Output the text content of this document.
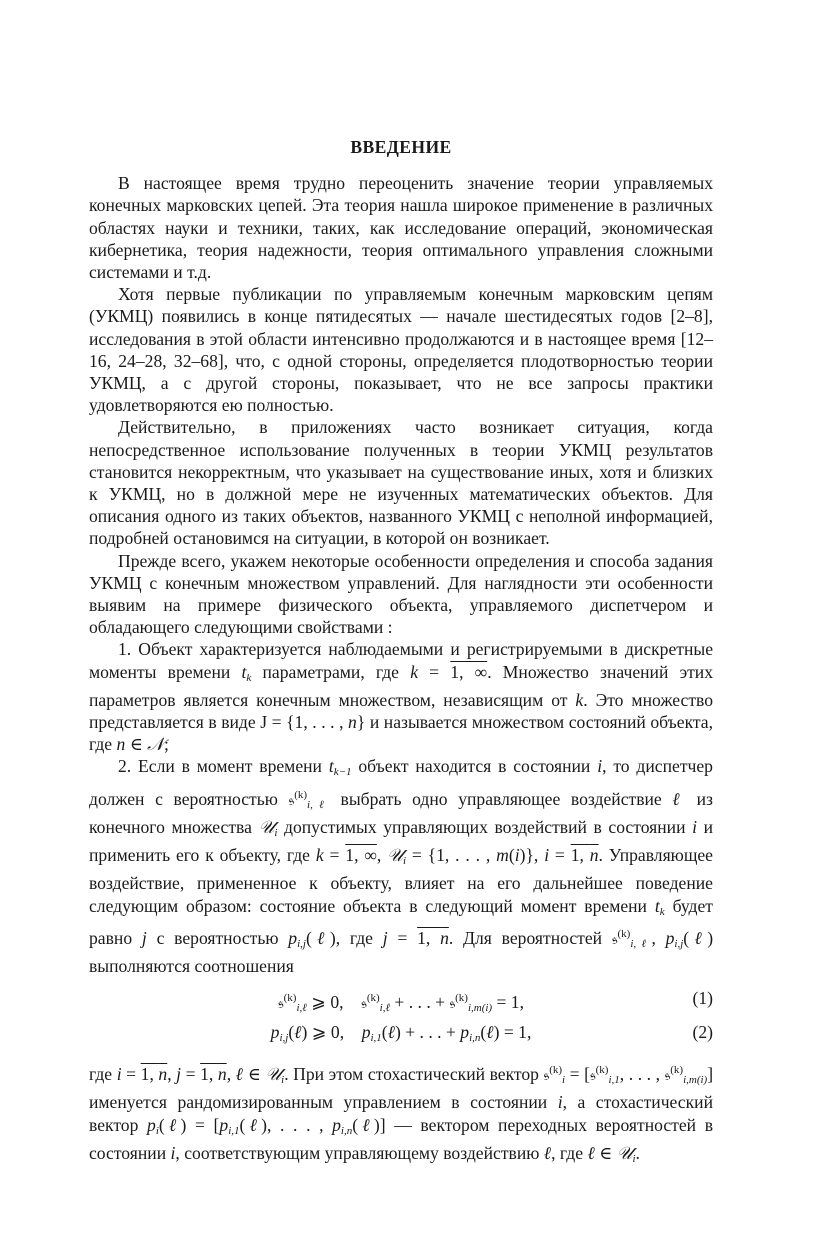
ВВЕДЕНИЕ

В настоящее время трудно переоценить значение теории управляемых конечных марковских цепей. Эта теория нашла широкое применение в различных областях науки и техники, таких, как исследование операций, экономическая кибернетика, теория надежности, теория оптимального управления сложными системами и т.д.

Хотя первые публикации по управляемым конечным марковским цепям (УКМЦ) появились в конце пятидесятых — начале шестидесятых годов [2–8], исследования в этой области интенсивно продолжаются и в настоящее время [12–16, 24–28, 32–68], что, с одной стороны, определяется плодотворностью теории УКМЦ, а с другой стороны, показывает, что не все запросы практики удовлетворяются ею полностью.

Действительно, в приложениях часто возникает ситуация, когда непосредственное использование полученных в теории УКМЦ результатов становится некорректным, что указывает на существование иных, хотя и близких к УКМЦ, но в должной мере не изученных математических объектов. Для описания одного из таких объектов, названного УКМЦ с неполной информацией, подробней остановимся на ситуации, в которой он возникает.

Прежде всего, укажем некоторые особенности определения и способа задания УКМЦ с конечным множеством управлений. Для наглядности эти особенности выявим на примере физического объекта, управляемого диспетчером и обладающего следующими свойствами :

1. Объект характеризуется наблюдаемыми и регистрируемыми в дискретные моменты времени $t_k$ параметрами, где k = 1, ∞. Множество значений этих параметров является конечным множеством, независящим от k. Это множество представляется в виде J = {1, . . . , n} и называется множеством состояний объекта, где n ∈ 𝒩;

2. Если в момент времени $t_{k-1}$ объект находится в состоянии i, то диспетчер должен с вероятностью 𝔰$^{(k)}_{i,\ell}$ выбрать одно управляющее воздействие ℓ из конечного множества 𝒰$_i$ допустимых управляющих воздействий в состоянии i и применить его к объекту, где k = 1, ∞, 𝒰$_i$ = {1, . . . , m(i)}, i = 1, n. Управляющее воздействие, примененное к объекту, влияет на его дальнейшее поведение следующим образом: состояние объекта в следующий момент времени $t_k$ будет равно j с вероятностью $p_{i,j}(\ell)$, где j = 1, n. Для вероятностей 𝔰$^{(k)}_{i,\ell}$, $p_{i,j}(\ell)$ выполняются соотношения

𝔰$^{(k)}_{i,\ell}$ ⩾ 0,    𝔰$^{(k)}_{i,\ell}$ + . . . + 𝔰$^{(k)}_{i,m(i)}$ = 1,	(1)
$p_{i,j}(\ell)$ ⩾ 0,    $p_{i,1}(\ell)$ + . . . + $p_{i,n}(\ell) = 1$,	(2)

где i = 1, n, j = 1, n, ℓ ∈ 𝒰$_i$. При этом стохастический вектор 𝔰$^{(k)}_i$ = [𝔰$^{(k)}_{i,1}$, . . . , 𝔰$^{(k)}_{i,m(i)}$] именуется рандомизированным управлением в состоянии i, а стохастический вектор $p_i(\ell)$ = [$p_{i,1}(\ell)$, . . . , $p_{i,n}(\ell)$] — вектором переходных вероятностей в состоянии i, соответствующим управляющему воздействию ℓ, где ℓ ∈ 𝒰$_i$.
